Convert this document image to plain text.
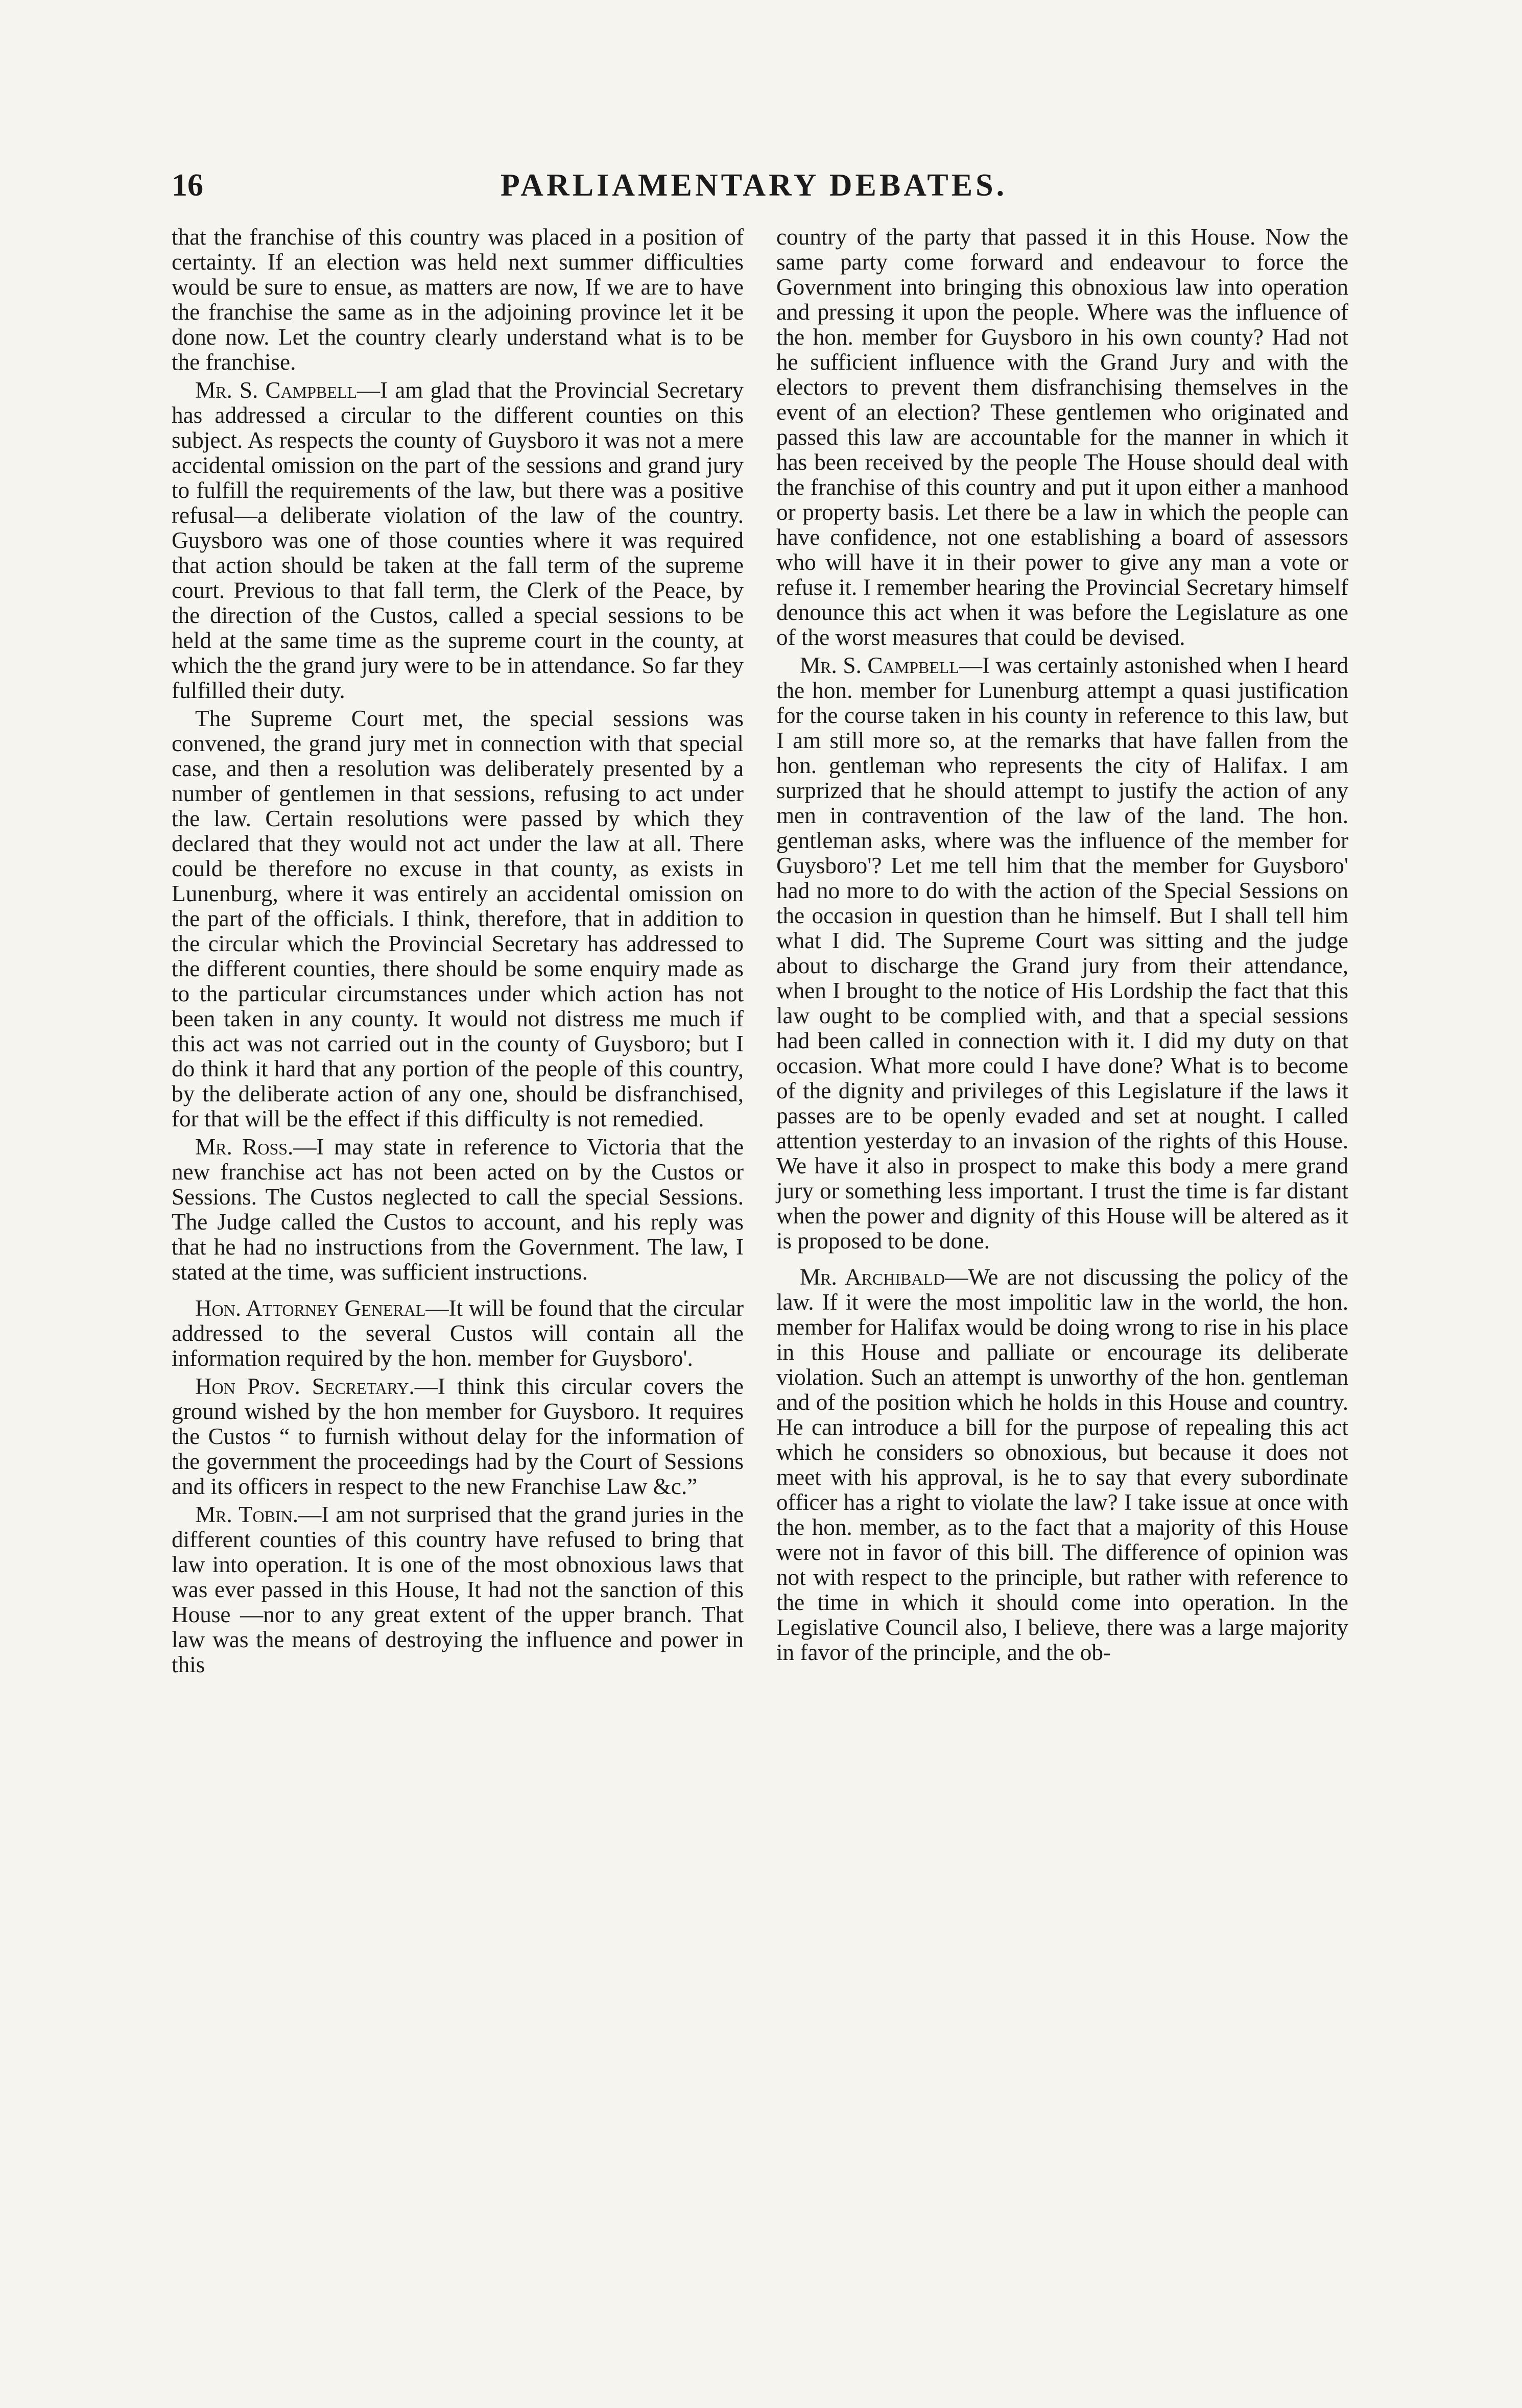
16	PARLIAMENTARY DEBATES.

that the franchise of this country was placed in a position of certainty. If an election was held next summer difficulties would be sure to ensue, as matters are now, If we are to have the franchise the same as in the adjoining province let it be done now. Let the country clearly understand what is to be the franchise.

Mr. S. Campbell—I am glad that the Provincial Secretary has addressed a circular to the different counties on this subject. As respects the county of Guysboro it was not a mere accidental omission on the part of the sessions and grand jury to fulfill the requirements of the law, but there was a positive refusal—a deliberate violation of the law of the country. Guysboro was one of those counties where it was required that action should be taken at the fall term of the supreme court. Previous to that fall term, the Clerk of the Peace, by the direction of the Custos, called a special sessions to be held at the same time as the supreme court in the county, at which the the grand jury were to be in attendance. So far they fulfilled their duty.

The Supreme Court met, the special sessions was convened, the grand jury met in connection with that special case, and then a resolution was deliberately presented by a number of gentlemen in that sessions, refusing to act under the law. Certain resolutions were passed by which they declared that they would not act under the law at all. There could be therefore no excuse in that county, as exists in Lunenburg, where it was entirely an accidental omission on the part of the officials. I think, therefore, that in addition to the circular which the Provincial Secretary has addressed to the different counties, there should be some enquiry made as to the particular circumstances under which action has not been taken in any county. It would not distress me much if this act was not carried out in the county of Guysboro; but I do think it hard that any portion of the people of this country, by the deliberate action of any one, should be disfranchised, for that will be the effect if this difficulty is not remedied.

Mr. Ross.—I may state in reference to Victoria that the new franchise act has not been acted on by the Custos or Sessions. The Custos neglected to call the special Sessions. The Judge called the Custos to account, and his reply was that he had no instructions from the Government. The law, I stated at the time, was sufficient instructions.

Hon. Attorney General—It will be found that the circular addressed to the several Custos will contain all the information required by the hon. member for Guysboro'.

Hon Prov. Secretary.—I think this circular covers the ground wished by the hon member for Guysboro. It requires the Custos “ to furnish without delay for the information of the government the proceedings had by the Court of Sessions and its officers in respect to the new Franchise Law &c.”

Mr. Tobin.—I am not surprised that the grand juries in the different counties of this country have refused to bring that law into operation. It is one of the most obnoxious laws that was ever passed in this House, It had not the sanction of this House —nor to any great extent of the upper branch. That law was the means of destroying the influence and power in this

country of the party that passed it in this House. Now the same party come forward and endeavour to force the Government into bringing this obnoxious law into operation and pressing it upon the people. Where was the influence of the hon. member for Guysboro in his own county? Had not he sufficient influence with the Grand Jury and with the electors to prevent them disfranchising themselves in the event of an election? These gentlemen who originated and passed this law are accountable for the manner in which it has been received by the people The House should deal with the franchise of this country and put it upon either a manhood or property basis. Let there be a law in which the people can have confidence, not one establishing a board of assessors who will have it in their power to give any man a vote or refuse it. I remember hearing the Provincial Secretary himself denounce this act when it was before the Legislature as one of the worst measures that could be devised.

Mr. S. Campbell—I was certainly astonished when I heard the hon. member for Lunenburg attempt a quasi justification for the course taken in his county in reference to this law, but I am still more so, at the remarks that have fallen from the hon. gentleman who represents the city of Halifax. I am surprized that he should attempt to justify the action of any men in contravention of the law of the land. The hon. gentleman asks, where was the influence of the member for Guysboro'? Let me tell him that the member for Guysboro' had no more to do with the action of the Special Sessions on the occasion in question than he himself. But I shall tell him what I did. The Supreme Court was sitting and the judge about to discharge the Grand jury from their attendance, when I brought to the notice of His Lordship the fact that this law ought to be complied with, and that a special sessions had been called in connection with it. I did my duty on that occasion. What more could I have done? What is to become of the dignity and privileges of this Legislature if the laws it passes are to be openly evaded and set at nought. I called attention yesterday to an invasion of the rights of this House. We have it also in prospect to make this body a mere grand jury or something less important. I trust the time is far distant when the power and dignity of this House will be altered as it is proposed to be done.

Mr. Archibald—We are not discussing the policy of the law. If it were the most impolitic law in the world, the hon. member for Halifax would be doing wrong to rise in his place in this House and palliate or encourage its deliberate violation. Such an attempt is unworthy of the hon. gentleman and of the position which he holds in this House and country. He can introduce a bill for the purpose of repealing this act which he considers so obnoxious, but because it does not meet with his approval, is he to say that every subordinate officer has a right to violate the law? I take issue at once with the hon. member, as to the fact that a majority of this House were not in favor of this bill. The difference of opinion was not with respect to the principle, but rather with reference to the time in which it should come into operation. In the Legislative Council also, I believe, there was a large majority in favor of the principle, and the ob-
